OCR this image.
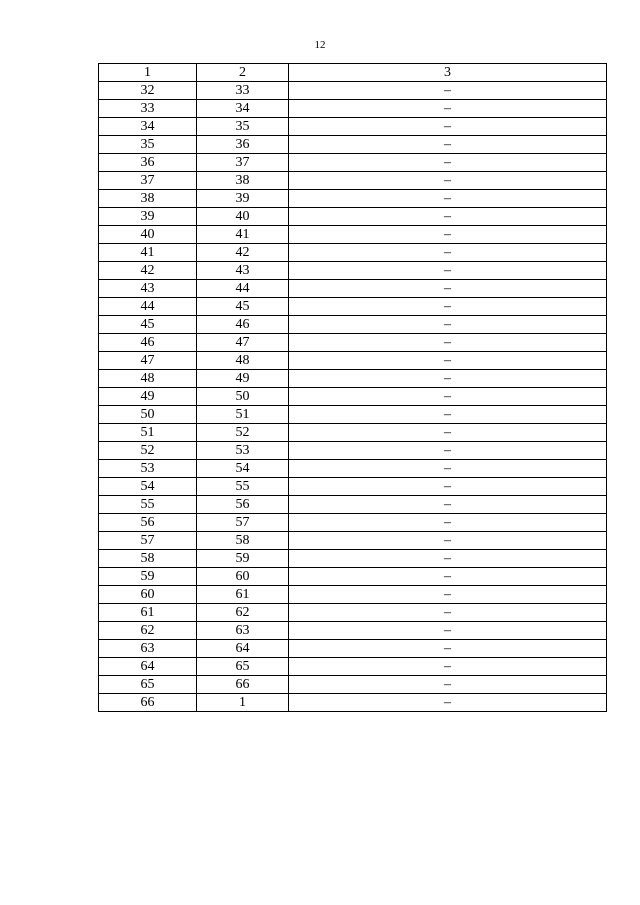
12
1	2	3
32	33	–
33	34	–
34	35	–
35	36	–
36	37	–
37	38	–
38	39	–
39	40	–
40	41	–
41	42	–
42	43	–
43	44	–
44	45	–
45	46	–
46	47	–
47	48	–
48	49	–
49	50	–
50	51	–
51	52	–
52	53	–
53	54	–
54	55	–
55	56	–
56	57	–
57	58	–
58	59	–
59	60	–
60	61	–
61	62	–
62	63	–
63	64	–
64	65	–
65	66	–
66	1	–
